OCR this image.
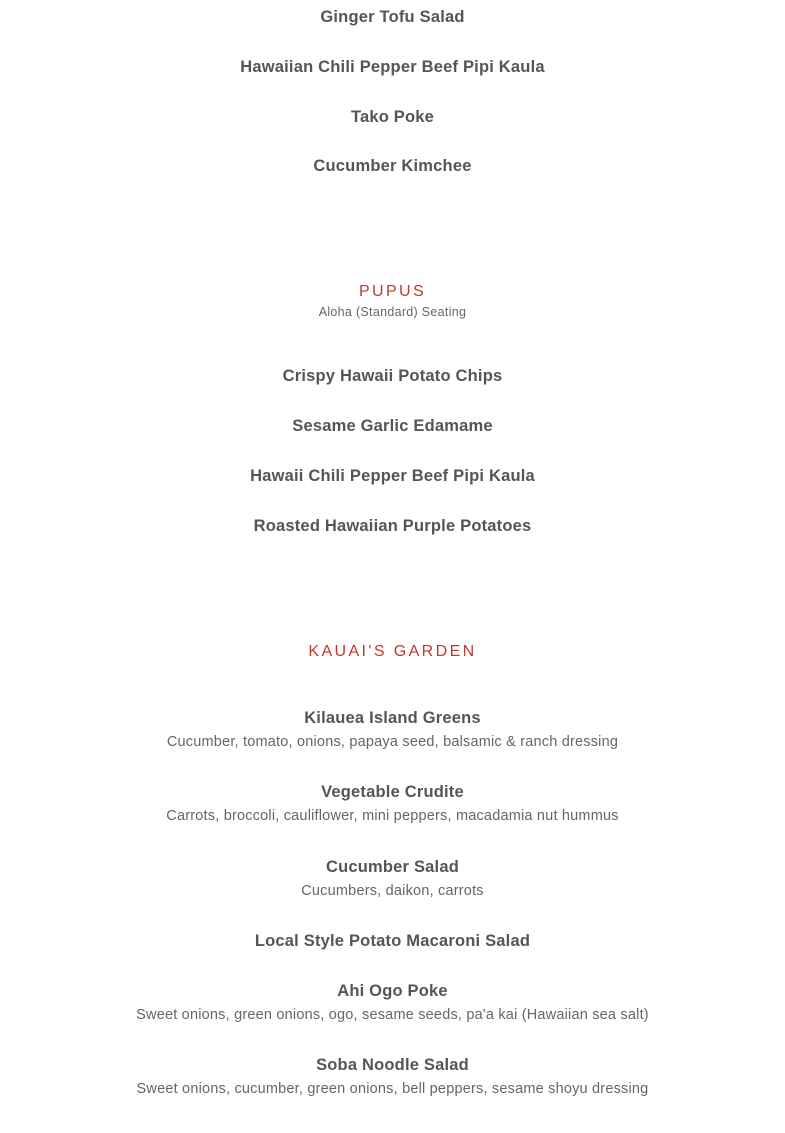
Ginger Tofu Salad

Hawaiian Chili Pepper Beef Pipi Kaula

Tako Poke

Cucumber Kimchee

PUPUS

Aloha (Standard) Seating

Crispy Hawaii Potato Chips

Sesame Garlic Edamame

Hawaii Chili Pepper Beef Pipi Kaula

Roasted Hawaiian Purple Potatoes

KAUAI'S GARDEN

Kilauea Island Greens

Cucumber, tomato, onions, papaya seed, balsamic & ranch dressing

Vegetable Crudite

Carrots, broccoli, cauliflower, mini peppers, macadamia nut hummus

Cucumber Salad

Cucumbers, daikon, carrots

Local Style Potato Macaroni Salad

Ahi Ogo Poke

Sweet onions, green onions, ogo, sesame seeds, pa'a kai (Hawaiian sea salt)

Soba Noodle Salad

Sweet onions, cucumber, green onions, bell peppers, sesame shoyu dressing
